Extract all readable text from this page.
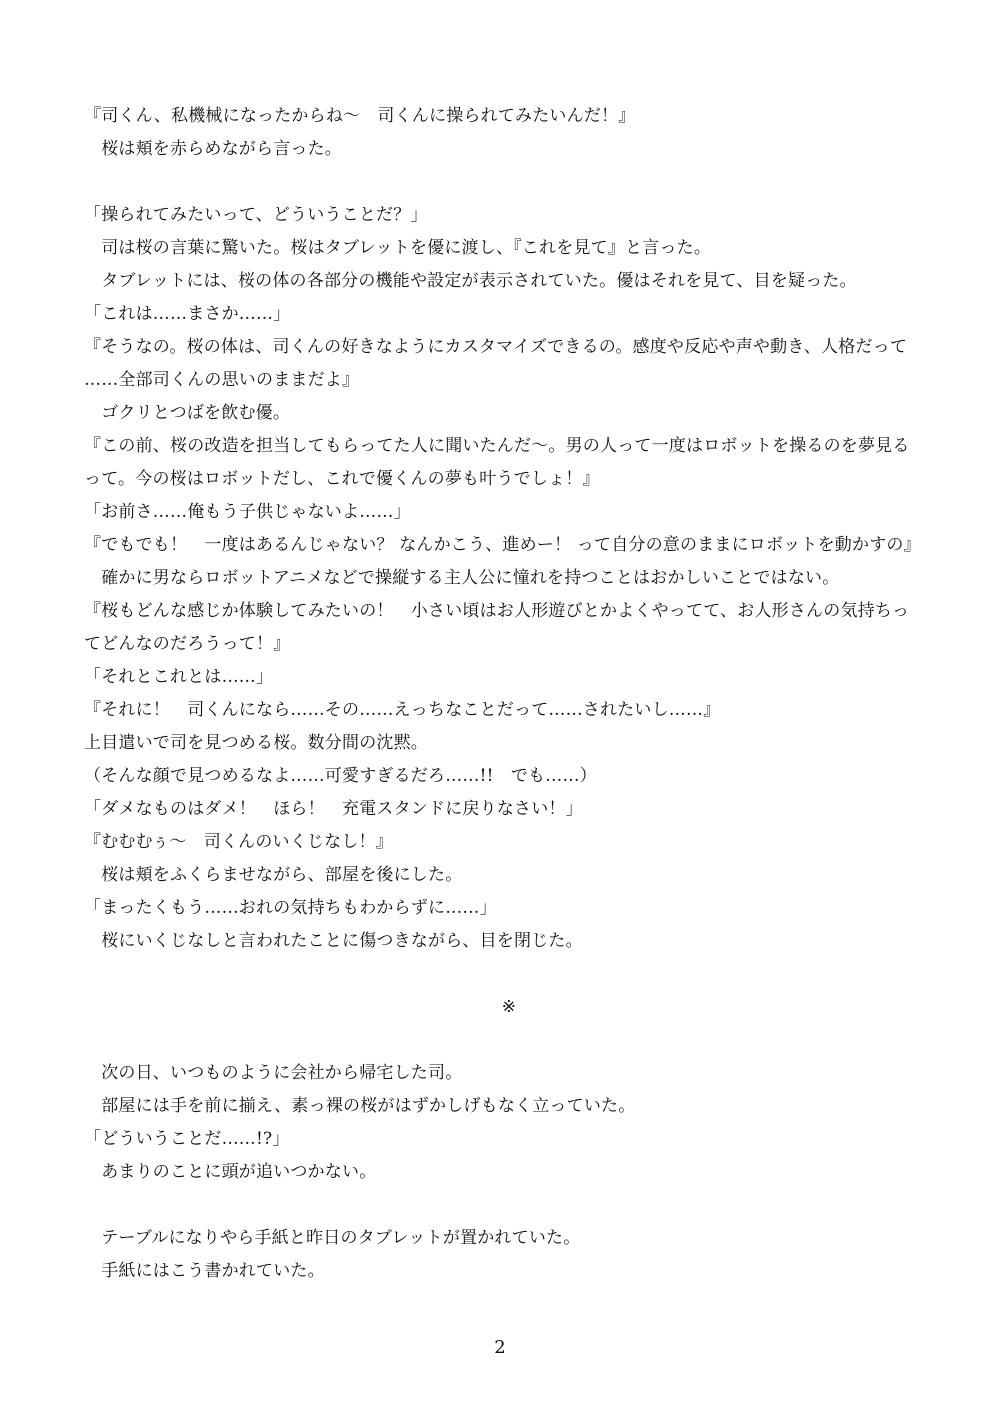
『司くん、私機械になったからね〜　司くんに操られてみたいんだ！』
　桜は頬を赤らめながら言った。
「操られてみたいって、どういうことだ？」
　司は桜の言葉に驚いた。桜はタブレットを優に渡し、『これを見て』と言った。
　タブレットには、桜の体の各部分の機能や設定が表示されていた。優はそれを見て、目を疑った。
「これは……まさか……」
『そうなの。桜の体は、司くんの好きなようにカスタマイズできるの。感度や反応や声や動き、人格だって
……全部司くんの思いのままだよ』
　ゴクリとつばを飲む優。
『この前、桜の改造を担当してもらってた人に聞いたんだ〜。男の人って一度はロボットを操るのを夢見る
って。今の桜はロボットだし、これで優くんの夢も叶うでしょ！』
「お前さ……俺もう子供じゃないよ……」
『でもでも！　一度はあるんじゃない？ なんかこう、進めー！ って自分の意のままにロボットを動かすの』
　確かに男ならロボットアニメなどで操縦する主人公に憧れを持つことはおかしいことではない。
『桜もどんな感じか体験してみたいの！　小さい頃はお人形遊びとかよくやってて、お人形さんの気持ちっ
てどんなのだろうって！』
「それとこれとは……」
『それに！　司くんになら……その……えっちなことだって……されたいし……』
上目遣いで司を見つめる桜。数分間の沈黙。
（そんな顔で見つめるなよ……可愛すぎるだろ……!!　でも……）
「ダメなものはダメ！　ほら！　充電スタンドに戻りなさい！」
『むむむぅ〜　司くんのいくじなし！』
　桜は頬をふくらませながら、部屋を後にした。
「まったくもう……おれの気持ちもわからずに……」
　桜にいくじなしと言われたことに傷つきながら、目を閉じた。
※
　次の日、いつものように会社から帰宅した司。
　部屋には手を前に揃え、素っ裸の桜がはずかしげもなく立っていた。
「どういうことだ……!?」
　あまりのことに頭が追いつかない。
　テーブルになりやら手紙と昨日のタブレットが置かれていた。
　手紙にはこう書かれていた。
2
